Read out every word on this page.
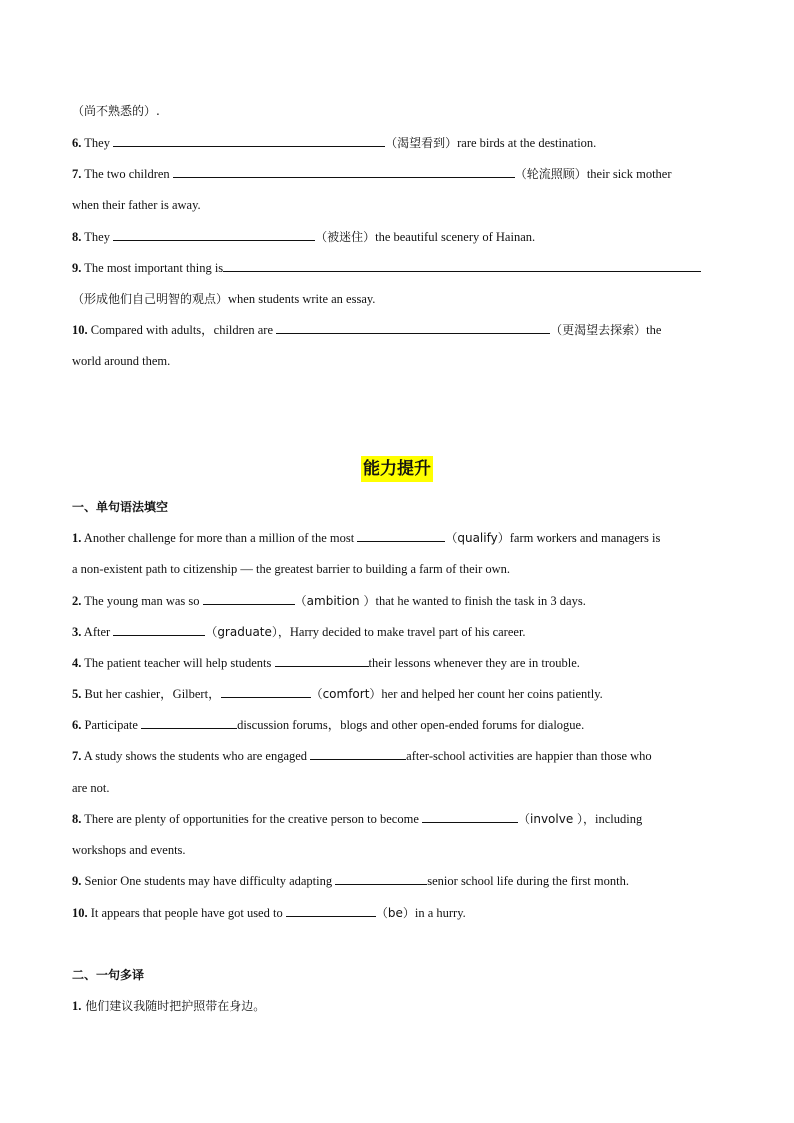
（尚不熟悉的）.
6. They	（渴望看到）rare birds at the destination.
7. The two children	（轮流照顾）their sick mother
when their father is away.
8. They	（被迷住）the beautiful scenery of Hainan.
9. The most important thing is
（形成他们自己明智的观点）when students write an essay.
10. Compared with adults，children are	（更渴望去探索）the
world around them.
能力提升
一、单句语法填空
1. Another challenge for more than a million of the most	（qualify）farm workers and managers is
a non-existent path to citizenship — the greatest barrier to building a farm of their own.
2. The young man was so	（ambition ）that he wanted to finish the task in 3 days.
3. After	（graduate），Harry decided to make travel part of his career.
4. The patient teacher will help students	their lessons whenever they are in trouble.
5. But her cashier，Gilbert，	（comfort）her and helped her count her coins patiently.
6. Participate	discussion forums，blogs and other open-ended forums for dialogue.
7. A study shows the students who are engaged	after-school activities are happier than those who
are not.
8. There are plenty of opportunities for the creative person to become	（involve ），including
workshops and events.
9. Senior One students may have difficulty adapting	senior school life during the first month.
10. It appears that people have got used to	（be）in a hurry.
二、一句多译
1. 他们建议我随时把护照带在身边。
